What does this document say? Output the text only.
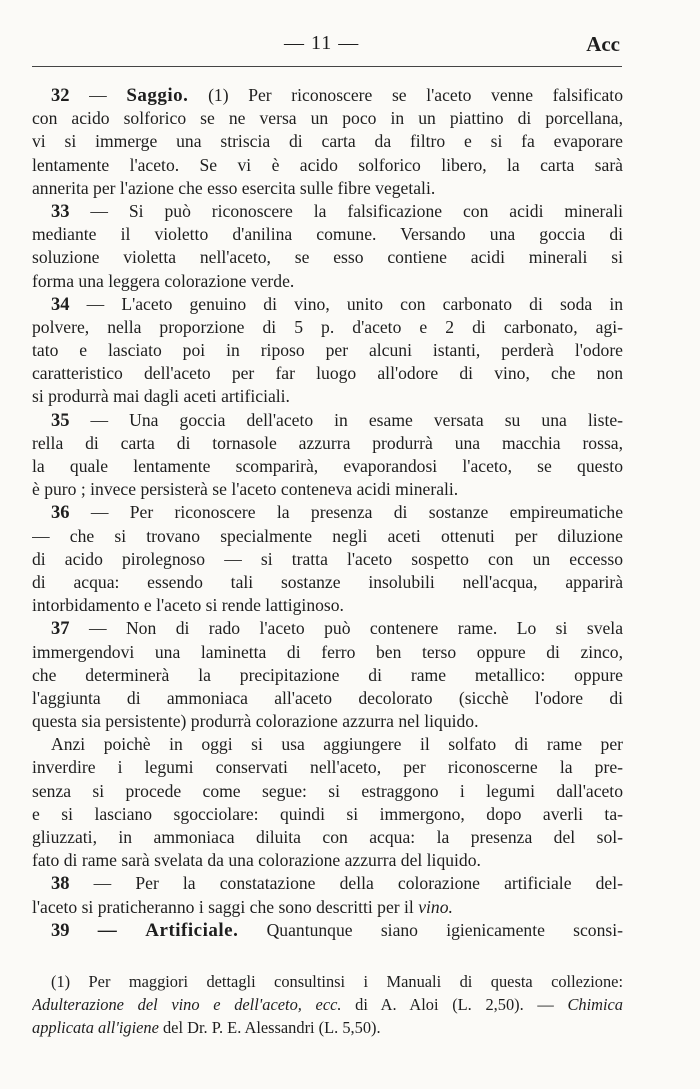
— 11 —	Acc
32 — Saggio. (1) Per riconoscere se l'aceto venne falsificato
con acido solforico se ne versa un poco in un piattino di porcellana,
vi si immerge una striscia di carta da filtro e si fa evaporare
lentamente l'aceto. Se vi è acido solforico libero, la carta sarà
annerita per l'azione che esso esercita sulle fibre vegetali.
33 — Si può riconoscere la falsificazione con acidi minerali
mediante il violetto d'anilina comune. Versando una goccia di
soluzione violetta nell'aceto, se esso contiene acidi minerali si
forma una leggera colorazione verde.
34 — L'aceto genuino di vino, unito con carbonato di soda in
polvere, nella proporzione di 5 p. d'aceto e 2 di carbonato, agi-
tato e lasciato poi in riposo per alcuni istanti, perderà l'odore
caratteristico dell'aceto per far luogo all'odore di vino, che non
si produrrà mai dagli aceti artificiali.
35 — Una goccia dell'aceto in esame versata su una liste-
rella di carta di tornasole azzurra produrrà una macchia rossa,
la quale lentamente scomparirà, evaporandosi l'aceto, se questo
è puro ; invece persisterà se l'aceto conteneva acidi minerali.
36 — Per riconoscere la presenza di sostanze empireumatiche
— che si trovano specialmente negli aceti ottenuti per diluzione
di acido pirolegnoso — si tratta l'aceto sospetto con un eccesso
di acqua: essendo tali sostanze insolubili nell'acqua, apparirà
intorbidamento e l'aceto si rende lattiginoso.
37 — Non di rado l'aceto può contenere rame. Lo si svela
immergendovi una laminetta di ferro ben terso oppure di zinco,
che determinerà la precipitazione di rame metallico: oppure
l'aggiunta di ammoniaca all'aceto decolorato (sicchè l'odore di
questa sia persistente) produrrà colorazione azzurra nel liquido.
Anzi poichè in oggi si usa aggiungere il solfato di rame per
inverdire i legumi conservati nell'aceto, per riconoscerne la pre-
senza si procede come segue: si estraggono i legumi dall'aceto
e si lasciano sgocciolare: quindi si immergono, dopo averli ta-
gliuzzati, in ammoniaca diluita con acqua: la presenza del sol-
fato di rame sarà svelata da una colorazione azzurra del liquido.
38 — Per la constatazione della colorazione artificiale del-
l'aceto si praticheranno i saggi che sono descritti per il vino.
39 — Artificiale. Quantunque siano igienicamente sconsi-
(1) Per maggiori dettagli consultinsi i Manuali di questa collezione:
Adulterazione del vino e dell'aceto, ecc. di A. Aloi (L. 2,50). — Chimica
applicata all'igiene del Dr. P. E. Alessandri (L. 5,50).
